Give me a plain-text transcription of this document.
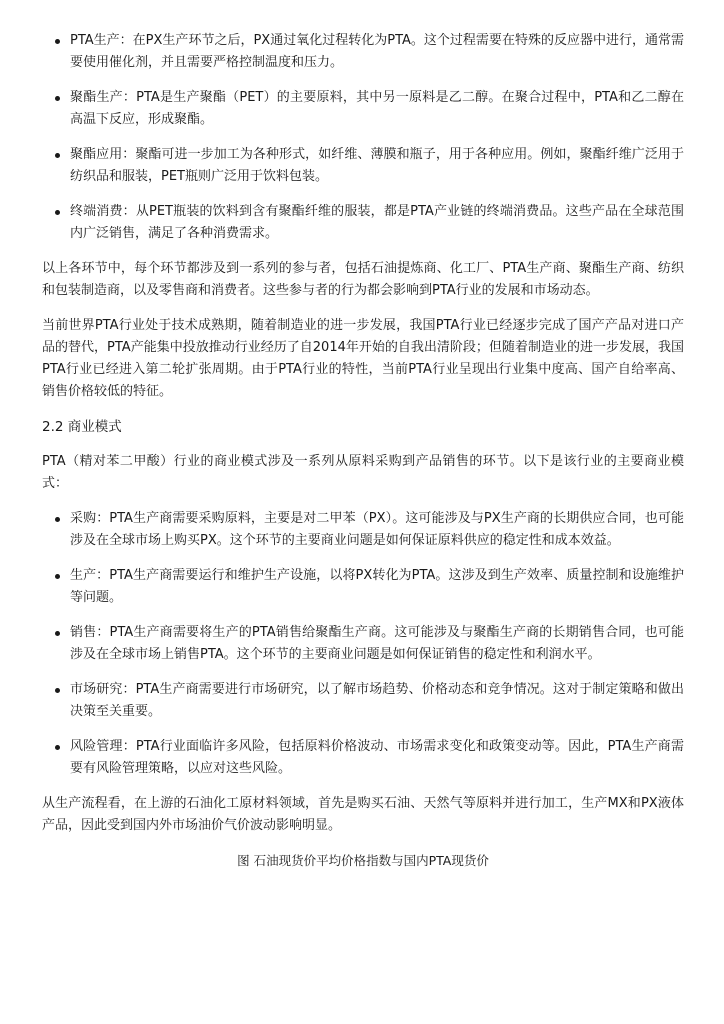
PTA生产：在PX生产环节之后，PX通过氧化过程转化为PTA。这个过程需要在特殊的反应器中进行，通常需要使用催化剂，并且需要严格控制温度和压力。
聚酯生产：PTA是生产聚酯（PET）的主要原料，其中另一原料是乙二醇。在聚合过程中，PTA和乙二醇在高温下反应，形成聚酯。
聚酯应用：聚酯可进一步加工为各种形式，如纤维、薄膜和瓶子，用于各种应用。例如，聚酯纤维广泛用于纺织品和服装，PET瓶则广泛用于饮料包装。
终端消费：从PET瓶装的饮料到含有聚酯纤维的服装，都是PTA产业链的终端消费品。这些产品在全球范围内广泛销售，满足了各种消费需求。

以上各环节中，每个环节都涉及到一系列的参与者，包括石油提炼商、化工厂、PTA生产商、聚酯生产商、纺织和包装制造商，以及零售商和消费者。这些参与者的行为都会影响到PTA行业的发展和市场动态。

当前世界PTA行业处于技术成熟期，随着制造业的进一步发展，我国PTA行业已经逐步完成了国产产品对进口产品的替代，PTA产能集中投放推动行业经历了自2014年开始的自我出清阶段；但随着制造业的进一步发展，我国PTA行业已经进入第二轮扩张周期。由于PTA行业的特性，当前PTA行业呈现出行业集中度高、国产自给率高、销售价格较低的特征。

2.2 商业模式

PTA（精对苯二甲酸）行业的商业模式涉及一系列从原料采购到产品销售的环节。以下是该行业的主要商业模式：

采购：PTA生产商需要采购原料，主要是对二甲苯（PX）。这可能涉及与PX生产商的长期供应合同，也可能涉及在全球市场上购买PX。这个环节的主要商业问题是如何保证原料供应的稳定性和成本效益。
生产：PTA生产商需要运行和维护生产设施，以将PX转化为PTA。这涉及到生产效率、质量控制和设施维护等问题。
销售：PTA生产商需要将生产的PTA销售给聚酯生产商。这可能涉及与聚酯生产商的长期销售合同，也可能涉及在全球市场上销售PTA。这个环节的主要商业问题是如何保证销售的稳定性和利润水平。
市场研究：PTA生产商需要进行市场研究，以了解市场趋势、价格动态和竞争情况。这对于制定策略和做出决策至关重要。
风险管理：PTA行业面临许多风险，包括原料价格波动、市场需求变化和政策变动等。因此，PTA生产商需要有风险管理策略，以应对这些风险。

从生产流程看，在上游的石油化工原材料领域，首先是购买石油、天然气等原料并进行加工，生产MX和PX液体产品，因此受到国内外市场油价气价波动影响明显。

图 石油现货价平均价格指数与国内PTA现货价
